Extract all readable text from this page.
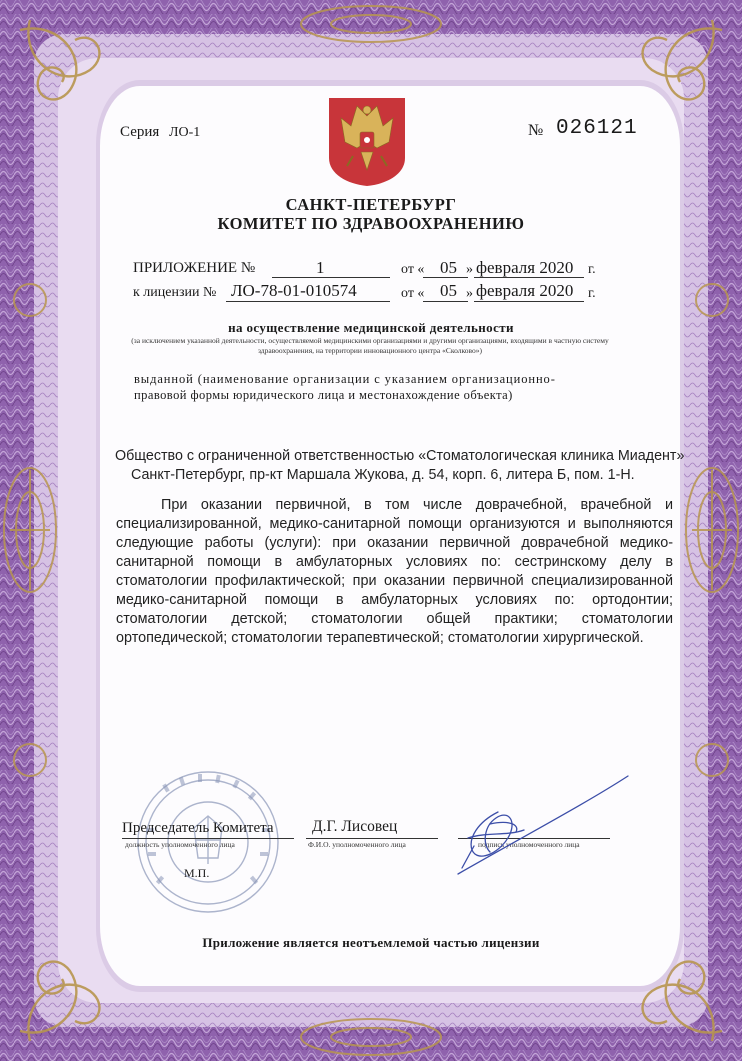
Серия ЛО-1	№ 026121
САНКТ-ПЕТЕРБУРГ
КОМИТЕТ ПО ЗДРАВООХРАНЕНИЮ
ПРИЛОЖЕНИЕ №	1	от « 05 » февраля 2020 г.
к лицензии № ЛО-78-01-010574	от « 05 » февраля 2020 г.
на осуществление медицинской деятельности
(за исключением указанной деятельности, осуществляемой медицинскими организациями и другими организациями, входящими в частную систему здравоохранения, на территории инновационного центра «Сколково»)
выданной (наименование организации с указанием организационно-
правовой формы юридического лица и местонахождение объекта)
Общество с ограниченной ответственностью «Стоматологическая клиника Миадент»
Санкт-Петербург, пр-кт Маршала Жукова, д. 54, корп. 6, литера Б, пом. 1-Н.
При оказании первичной, в том числе доврачебной, врачебной и специализированной, медико-санитарной помощи организуются и выполняются следующие работы (услуги): при оказании первичной доврачебной медико-санитарной помощи в амбулаторных условиях по: сестринскому делу в стоматологии профилактической; при оказании первичной специализированной медико-санитарной помощи в амбулаторных условиях по: ортодонтии; стоматологии детской; стоматологии общей практики; стоматологии ортопедической; стоматологии терапевтической; стоматологии хирургической.
Председатель Комитета Д.Г. Лисовец
должность уполномоченного лица	Ф.И.О. уполномоченного лица	подпись уполномоченного лица
М.П.
Приложение является неотъемлемой частью лицензии
